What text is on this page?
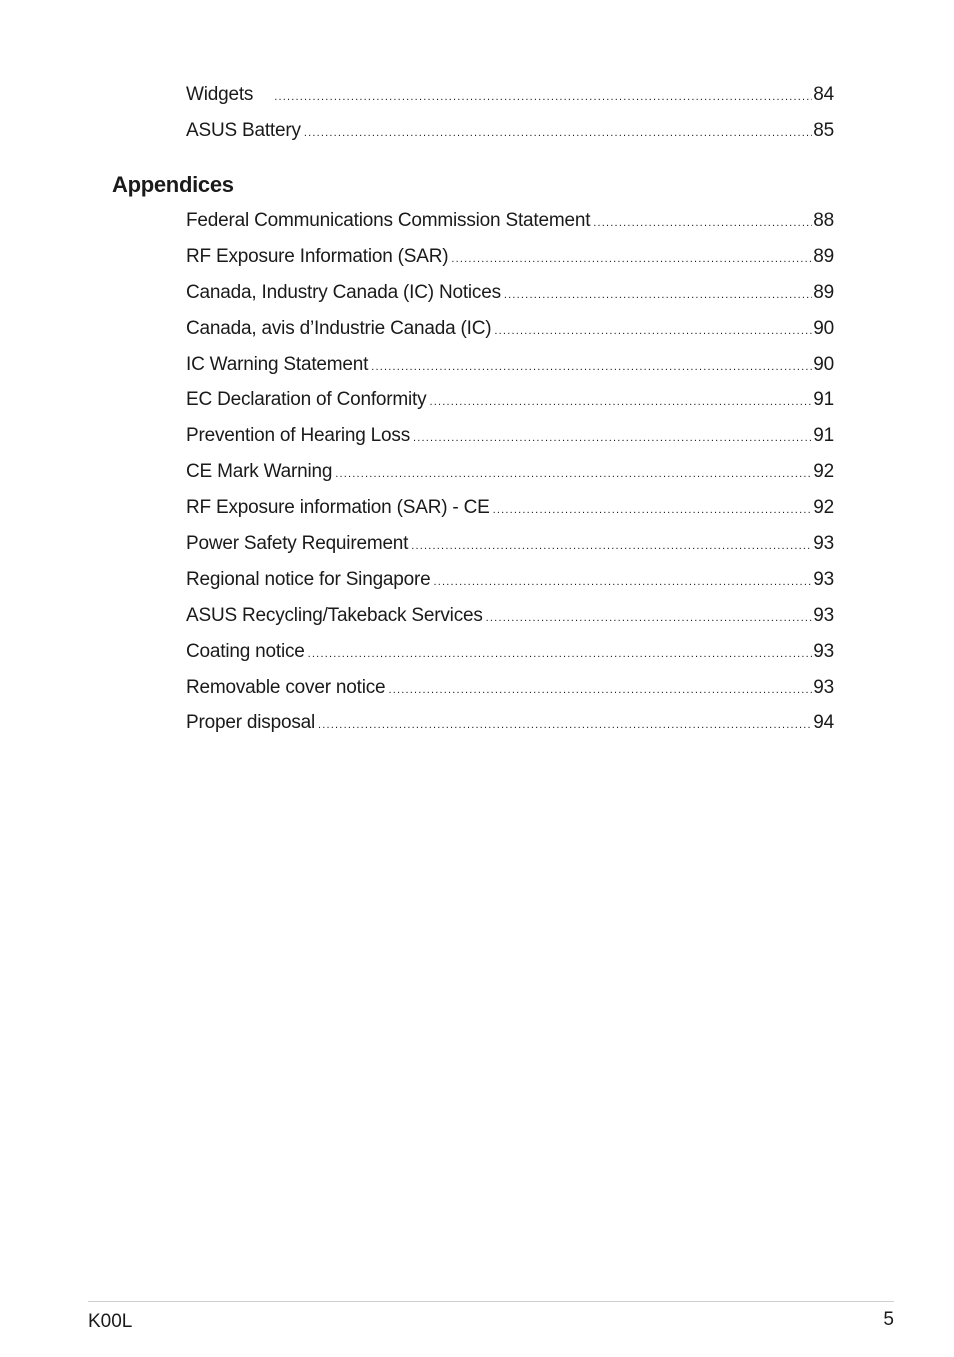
Widgets .....	84
ASUS Battery .....	85
Appendices
Federal Communications Commission Statement .....	88
RF Exposure Information (SAR) .....	89
Canada, Industry Canada (IC) Notices .....	89
Canada, avis d’Industrie Canada (IC) .....	90
IC Warning Statement .....	90
EC Declaration of Conformity .....	91
Prevention of Hearing Loss .....	91
CE Mark Warning .....	92
RF Exposure information (SAR) - CE .....	92
Power Safety Requirement .....	93
Regional notice for Singapore .....	93
ASUS Recycling/Takeback Services .....	93
Coating notice .....	93
Removable cover notice .....	93
Proper disposal .....	94
K00L	5
